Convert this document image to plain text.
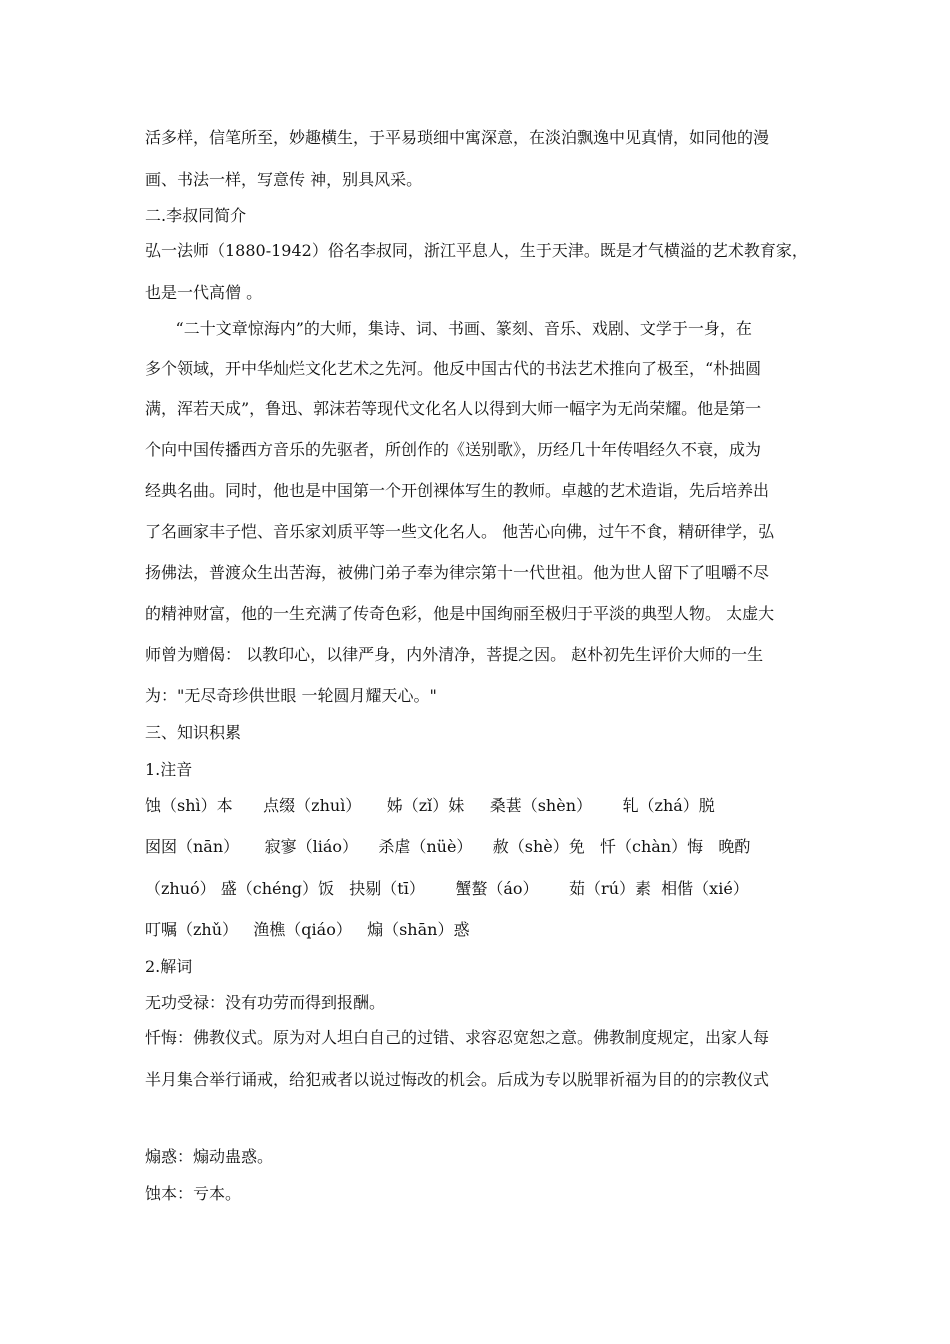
活多样，信笔所至，妙趣横生，于平易琐细中寓深意，在淡泊飘逸中见真情，如同他的漫

画、书法一样，写意传 神，别具风采。

二.李叔同简介

弘一法师（1880-1942）俗名李叔同，浙江平息人，生于天津。既是才气横溢的艺术教育家，

也是一代高僧 。

“二十文章惊海内”的大师，集诗、词、书画、篆刻、音乐、戏剧、文学于一身，在

多个领域，开中华灿烂文化艺术之先河。他反中国古代的书法艺术推向了极至，“朴拙圆

满，浑若天成”，鲁迅、郭沫若等现代文化名人以得到大师一幅字为无尚荣耀。他是第一

个向中国传播西方音乐的先驱者，所创作的《送别歌》，历经几十年传唱经久不衰，成为

经典名曲。同时，他也是中国第一个开创裸体写生的教师。卓越的艺术造诣，先后培养出

了名画家丰子恺、音乐家刘质平等一些文化名人。 他苦心向佛，过午不食，精研律学，弘

扬佛法，普渡众生出苦海，被佛门弟子奉为律宗第十一代世祖。他为世人留下了咀嚼不尽

的精神财富，他的一生充满了传奇色彩，他是中国绚丽至极归于平淡的典型人物。 太虚大

师曾为赠偈： 以教印心，以律严身，内外清净，菩提之因。 赵朴初先生评价大师的一生

为："无尽奇珍供世眼 一轮圆月耀天心。"

三、知识积累

1.注音

蚀（shì）本      点缀（zhuì）     姊（zǐ）妹     桑葚（shèn）      轧（zhá）脱

囡囡（nān）     寂寥（liáo）    杀虐（nüè）    赦（shè）免   忏（chàn）悔   晚酌

（zhuó） 盛（chéng）饭   抉剔（tī）      蟹螯（áo）      茹（rú）素  相偕（xié）

叮嘱（zhǔ）   渔樵（qiáo）   煽（shān）惑

2.解词

无功受禄：没有功劳而得到报酬。

忏悔：佛教仪式。原为对人坦白自己的过错、求容忍宽恕之意。佛教制度规定，出家人每

半月集合举行诵戒，给犯戒者以说过悔改的机会。后成为专以脱罪祈福为目的的宗教仪式

煽惑：煽动蛊惑。

蚀本：亏本。
